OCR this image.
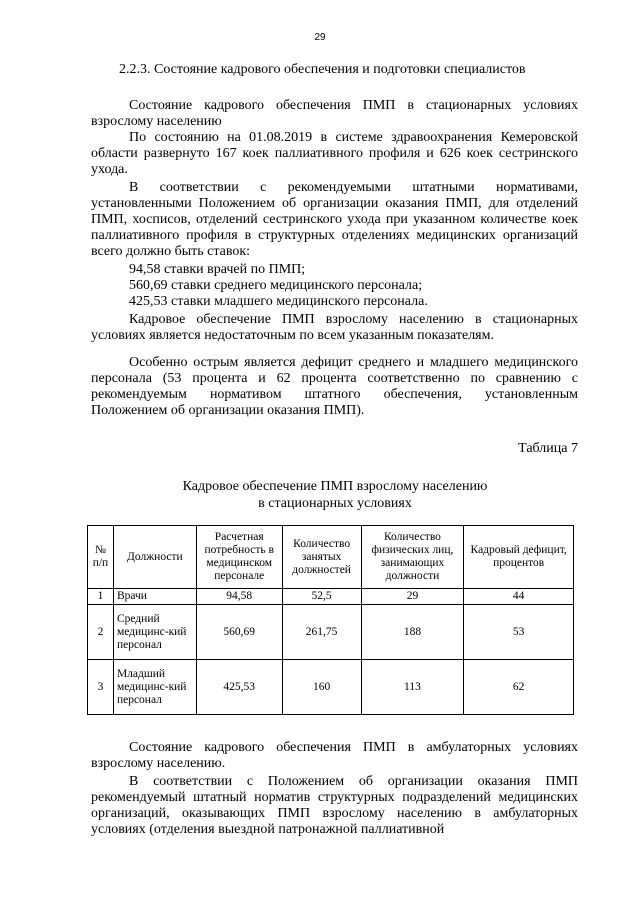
29
2.2.3. Состояние кадрового обеспечения и подготовки специалистов

Состояние кадрового обеспечения ПМП в стационарных условиях взрослому населению

По состоянию на 01.08.2019 в системе здравоохранения Кемеровской области развернуто 167 коек паллиативного профиля и 626 коек сестринского ухода.

В соответствии с рекомендуемыми штатными нормативами, установленными Положением об организации оказания ПМП, для отделений ПМП, хосписов, отделений сестринского ухода при указанном количестве коек паллиативного профиля в структурных отделениях медицинских организаций всего должно быть ставок:

94,58 ставки врачей по ПМП;
560,69 ставки среднего медицинского персонала;
425,53 ставки младшего медицинского персонала.

Кадровое обеспечение ПМП взрослому населению в стационарных условиях является недостаточным по всем указанным показателям.

Особенно острым является дефицит среднего и младшего медицинского персонала (53 процента и 62 процента соответственно по сравнению с рекомендуемым нормативом штатного обеспечения, установленным Положением об организации оказания ПМП).

Таблица 7
Кадровое обеспечение ПМП взрослому населению
в стационарных условиях
№ п/п	Должности	Расчетная потребность в медицинском персонале	Количество занятых должностей	Количество физических лиц, занимающих должности	Кадровый дефицит, процентов
1	Врачи	94,58	52,5	29	44
2	Средний медицинс-кий персонал	560,69	261,75	188	53
3	Младший медицинс-кий персонал	425,53	160	113	62

Состояние кадрового обеспечения ПМП в амбулаторных условиях взрослому населению.

В соответствии с Положением об организации оказания ПМП рекомендуемый штатный норматив структурных подразделений медицинских организаций, оказывающих ПМП взрослому населению в амбулаторных условиях (отделения выездной патронажной паллиативной
